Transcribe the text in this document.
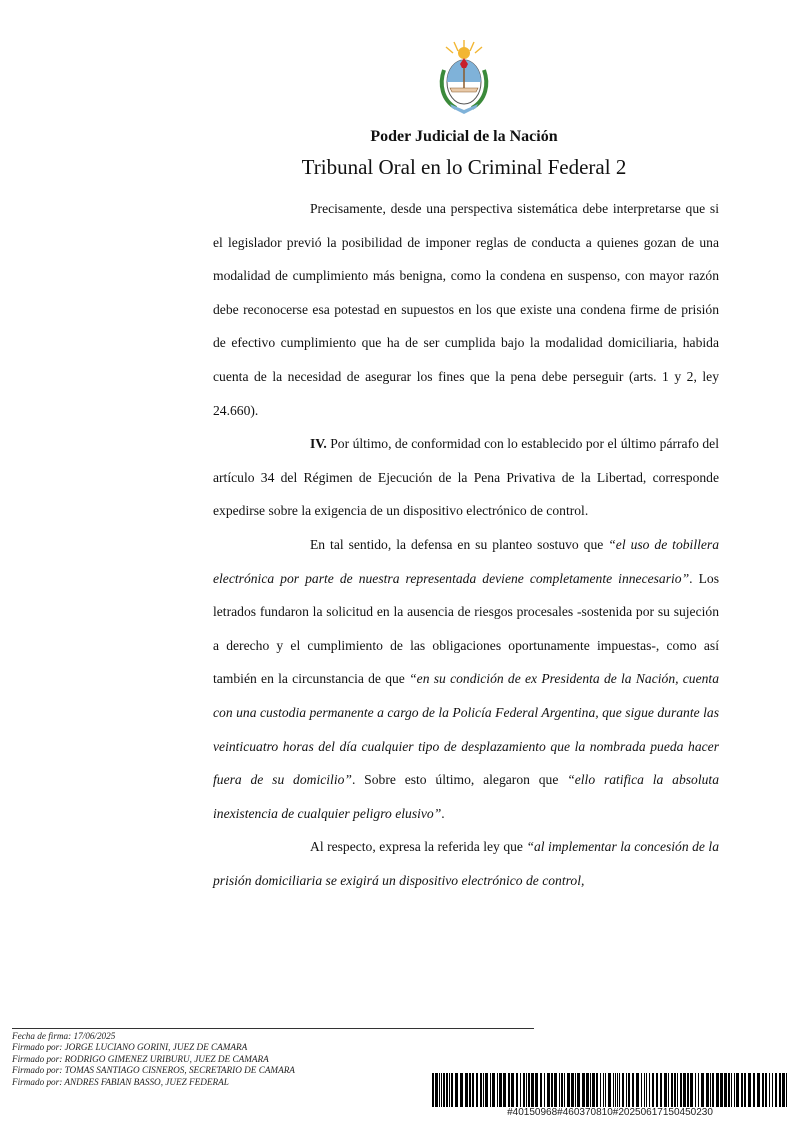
Poder Judicial de la Nación
Tribunal Oral en lo Criminal Federal 2

Precisamente, desde una perspectiva sistemática debe interpretarse que si el legislador previó la posibilidad de imponer reglas de conducta a quienes gozan de una modalidad de cumplimiento más benigna, como la condena en suspenso, con mayor razón debe reconocerse esa potestad en supuestos en los que existe una condena firme de prisión de efectivo cumplimiento que ha de ser cumplida bajo la modalidad domiciliaria, habida cuenta de la necesidad de asegurar los fines que la pena debe perseguir (arts. 1 y 2, ley 24.660).

IV. Por último, de conformidad con lo establecido por el último párrafo del artículo 34 del Régimen de Ejecución de la Pena Privativa de la Libertad, corresponde expedirse sobre la exigencia de un dispositivo electrónico de control.

En tal sentido, la defensa en su planteo sostuvo que “el uso de tobillera electrónica por parte de nuestra representada deviene completamente innecesario”. Los letrados fundaron la solicitud en la ausencia de riesgos procesales -sostenida por su sujeción a derecho y el cumplimiento de las obligaciones oportunamente impuestas-, como así también en la circunstancia de que “en su condición de ex Presidenta de la Nación, cuenta con una custodia permanente a cargo de la Policía Federal Argentina, que sigue durante las veinticuatro horas del día cualquier tipo de desplazamiento que la nombrada pueda hacer fuera de su domicilio”. Sobre esto último, alegaron que “ello ratifica la absoluta inexistencia de cualquier peligro elusivo”.

Al respecto, expresa la referida ley que “al implementar la concesión de la prisión domiciliaria se exigirá un dispositivo electrónico de control,

Fecha de firma: 17/06/2025
Firmado por: JORGE LUCIANO GORINI, JUEZ DE CAMARA
Firmado por: RODRIGO GIMENEZ URIBURU, JUEZ DE CAMARA
Firmado por: TOMAS SANTIAGO CISNEROS, SECRETARIO DE CAMARA
Firmado por: ANDRES FABIAN BASSO, JUEZ FEDERAL
#40150968#460370810#20250617150450230
